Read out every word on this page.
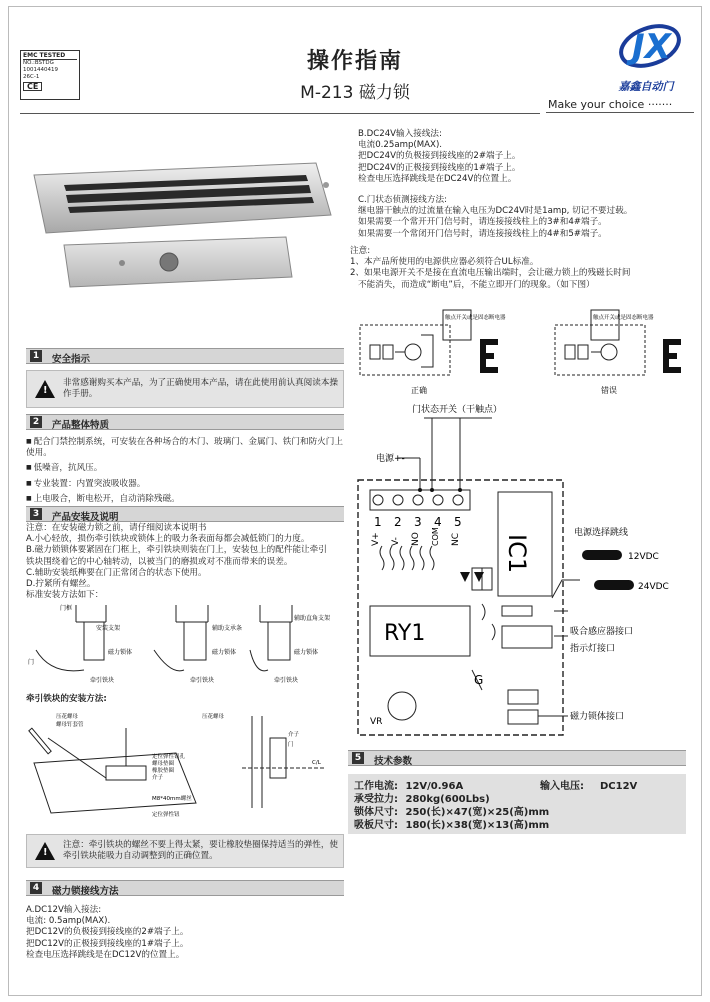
EMC TESTED
NO.:BSTDG
1001440419
26C-1
CE
操作指南
M-213 磁力锁
JX
嘉鑫自动门
Make your choice ·······
B.DC24V输入接线法:
电流0.25amp(MAX).
把DC24V的负极接到接线座的2#端子上。
把DC24V的正极接到接线座的1#端子上。
检查电压选择跳线是在DC24V的位置上。
C.门状态侦测接线方法:
继电器干触点的过流量在输入电压为DC24V时是1amp, 切记不要过载。
如果需要一个常开开门信号时，请连接接线柱上的3#和4#端子。
如果需要一个常闭开门信号时，请连接接线柱上的4#和5#端子。
注意:
1、本产品所使用的电源供应器必须符合UL标准。
2、如果电源开关不是接在直流电压输出端时，会让磁力锁上的残磁长时间
不能消失，而造成“断电”后，不能立即开门的现象。（如下图）
触点开关或是固态断电器	触点开关或是固态断电器
正确	错误
1	安全指示
!
非常感谢购买本产品，为了正确使用本产品，请在此使用前认真阅读本操作手册。
2	产品整体特质
■ 配合门禁控制系统，可安装在各种场合的木门、玻璃门、金属门、铁门和防火门上使用。
■ 低噪音，抗风压。
■ 专业装置：内置突波吸收器。
■ 上电吸合，断电松开，自动消除残磁。
3	产品安装及说明
注意：在安装磁力锁之前，请仔细阅读本说明书
A.小心轻放，损伤牵引铁块或锁体上的吸力条表面每都会减低锁门的力度。
B.磁力锁锁体要紧固在门框上，牵引铁块则装在门上，安装包上的配件能让牵引
铁块围绕着它的中心轴转动，以被当门的磨损或对不准而带来的误差。
C.辅助安装纸榫要在门正常闭合的状态下使用。
D.拧紧所有螺丝。
标准安装方法如下：
门框
安装支架
门
磁力锁体
牵引铁块
辅助支承条
磁力锁体
牵引铁块
辅助直角支架
磁力锁体
牵引铁块
牵引铁块的安装方法:
压花螺母
螺母钉套管
定位弹性钮孔
螺母垫圈
橡胶垫圈
介子
M8*40mm螺丝
定位弹性钮
压花螺母
介子
门
C/L
!
注意：牵引铁块的螺丝不要上得太紧，要让橡胶垫圈保持适当的弹性，使牵引铁块能吸力自动调整到的正确位置。
4	磁力锁接线方法
A.DC12V输入接法:
电流: 0.5amp(MAX).
把DC12V的负极接到接线座的2#端子上。
把DC12V的正极接到接线座的1#端子上。
检查电压选择跳线是在DC12V的位置上。
门状态开关（干触点）
电源+-
1 2 3 4 5
V+ V- NO COM NC IC1
RY1
G
VR
电源选择跳线
12VDC
24VDC
吸合感应器接口
指示灯接口
磁力锁体接口
5	技术参数
工作电流: 12V/0.96A	输入电压: DC12V
承受拉力: 280kg(600Lbs)
锁体尺寸: 250(长)×47(宽)×25(高)mm
吸板尺寸: 180(长)×38(宽)×13(高)mm
